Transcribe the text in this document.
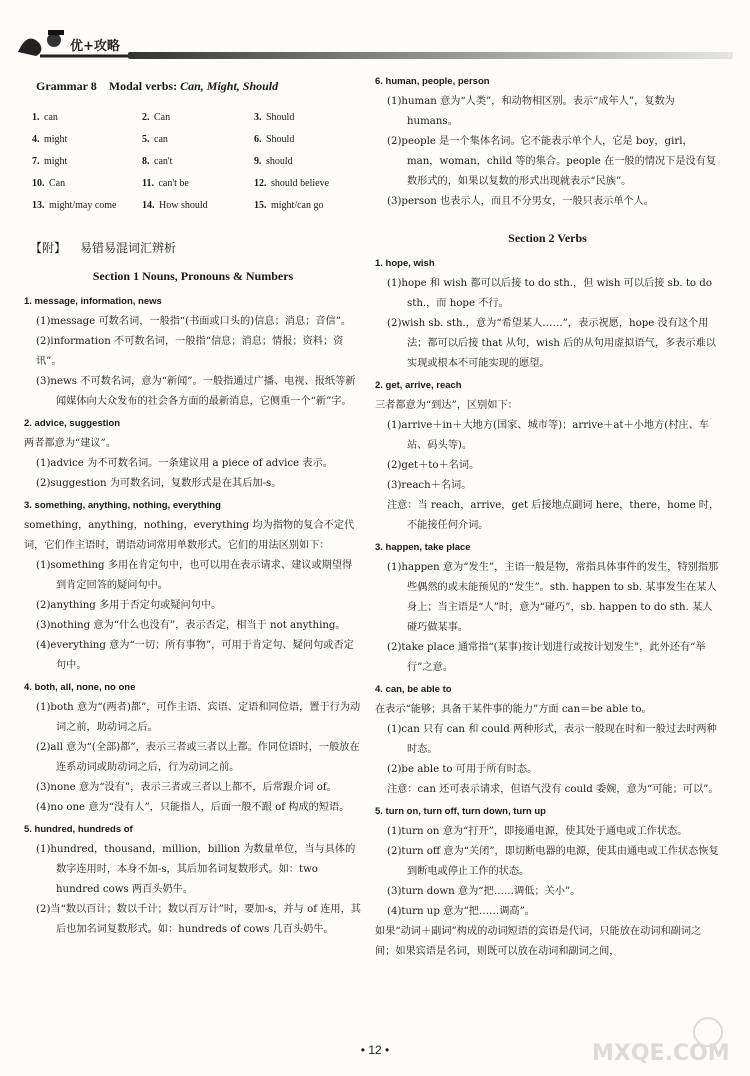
优+攻略
Grammar 8 Modal verbs: Can, Might, Should
1. can	2. Can	3. Should
4. might	5. can	6. Should
7. might	8. can't	9. should
10. Can	11. can't be	12. should believe
13. might/may come	14. How should	15. might/can go
【附】 易错易混词汇辨析
Section 1 Nouns, Pronouns & Numbers
1. message, information, news

(1)message 可数名词，一般指“(书面或口头的)信息；消息；音信”。

(2)information 不可数名词，一般指“信息；消息；情报；资料；资讯”。

(3)news 不可数名词，意为“新闻”。一般指通过广播、电视、报纸等新闻媒体向大众发布的社会各方面的最新消息，它侧重一个“新”字。

2. advice, suggestion

两者都意为“建议”。

(1)advice 为不可数名词。一条建议用 a piece of advice 表示。

(2)suggestion 为可数名词，复数形式是在其后加-s。

3. something, anything, nothing, everything

something，anything，nothing，everything 均为指物的复合不定代词，它们作主语时，谓语动词常用单数形式。它们的用法区别如下：

(1)something 多用在肯定句中，也可以用在表示请求、建议或期望得到肯定回答的疑问句中。

(2)anything 多用于否定句或疑问句中。

(3)nothing 意为“什么也没有”，表示否定，相当于 not anything。

(4)everything 意为“一切；所有事物”，可用于肯定句、疑问句或否定句中。

4. both, all, none, no one

(1)both 意为“(两者)都”，可作主语、宾语、定语和同位语，置于行为动词之前，助动词之后。

(2)all 意为“(全部)都”，表示三者或三者以上都。作同位语时，一般放在连系动词或助动词之后，行为动词之前。

(3)none 意为“没有”，表示三者或三者以上都不，后常跟介词 of。

(4)no one 意为“没有人”，只能指人，后面一般不跟 of 构成的短语。

5. hundred, hundreds of

(1)hundred，thousand，million，billion 为数量单位，当与具体的数字连用时，本身不加-s，其后加名词复数形式。如：two hundred cows 两百头奶牛。

(2)当“数以百计；数以千计；数以百万计”时，要加-s，并与 of 连用，其后也加名词复数形式。如：hundreds of cows 几百头奶牛。

6. human, people, person

(1)human 意为“人类”，和动物相区别。表示“成年人”，复数为 humans。

(2)people 是一个集体名词。它不能表示单个人，它是 boy，girl，man，woman，child 等的集合。people 在一般的情况下是没有复数形式的，如果以复数的形式出现就表示“民族”。

(3)person 也表示人，而且不分男女，一般只表示单个人。

Section 2 Verbs
1. hope, wish

(1)hope 和 wish 都可以后接 to do sth.，但 wish 可以后接 sb. to do sth.，而 hope 不行。

(2)wish sb. sth.，意为“希望某人……”，表示祝愿，hope 没有这个用法；都可以后接 that 从句，wish 后的从句用虚拟语气，多表示难以实现或根本不可能实现的愿望。

2. get, arrive, reach

三者都意为“到达”，区别如下：

(1)arrive＋in＋大地方(国家、城市等)；arrive＋at＋小地方(村庄、车站、码头等)。

(2)get＋to＋名词。

(3)reach＋名词。

注意：当 reach，arrive，get 后接地点副词 here，there，home 时，不能接任何介词。

3. happen, take place

(1)happen 意为“发生”，主语一般是物，常指具体事件的发生，特别指那些偶然的或未能预见的“发生”。sth. happen to sb. 某事发生在某人身上；当主语是“人”时，意为“碰巧”，sb. happen to do sth. 某人碰巧做某事。

(2)take place 通常指“(某事)按计划进行或按计划发生”，此外还有“举行”之意。

4. can, be able to

在表示“能够；具备干某件事的能力”方面 can＝be able to。

(1)can 只有 can 和 could 两种形式，表示一般现在时和一般过去时两种时态。

(2)be able to 可用于所有时态。

注意：can 还可表示请求，但语气没有 could 委婉，意为“可能；可以”。

5. turn on, turn off, turn down, turn up

(1)turn on 意为“打开”，即接通电源，使其处于通电或工作状态。

(2)turn off 意为“关闭”，即切断电器的电源，使其由通电或工作状态恢复到断电或停止工作的状态。

(3)turn down 意为“把……调低；关小”。

(4)turn up 意为“把……调高”。

如果“动词＋副词”构成的动词短语的宾语是代词，只能放在动词和副词之间；如果宾语是名词，则既可以放在动词和副词之间，

• 12 •	MXQE.COM
